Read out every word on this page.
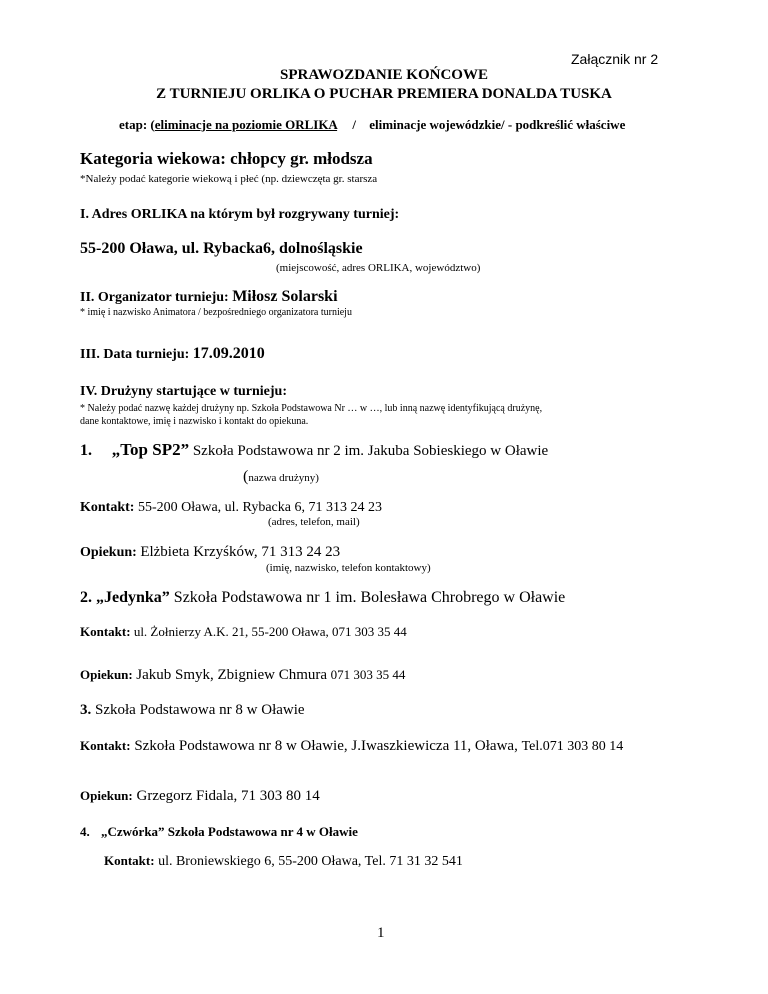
Załącznik nr 2
SPRAWOZDANIE KOŃCOWE
Z TURNIEJU ORLIKA O PUCHAR PREMIERA DONALDA TUSKA
etap: (eliminacje na poziomie ORLIKA / eliminacje wojewódzkie/ - podkreślić właściwe
Kategoria wiekowa: chłopcy gr. młodsza
*Należy podać kategorie wiekową i płeć (np. dziewczęta gr. starsza
I. Adres ORLIKA na którym był rozgrywany turniej:
55-200 Oława, ul. Rybacka6, dolnośląskie
(miejscowość, adres ORLIKA, województwo)
II. Organizator turnieju: Miłosz Solarski
* imię i nazwisko Animatora / bezpośredniego organizatora turnieju
III. Data turnieju: 17.09.2010
IV. Drużyny startujące w turnieju:
* Należy podać nazwę każdej drużyny np. Szkoła Podstawowa Nr … w …, lub inną nazwę identyfikującą drużynę,
dane kontaktowe, imię i nazwisko i kontakt do opiekuna.
1. „Top SP2” Szkoła Podstawowa nr 2 im. Jakuba Sobieskiego w Oławie
(nazwa drużyny)
Kontakt: 55-200 Oława, ul. Rybacka 6, 71 313 24 23
(adres, telefon, mail)
Opiekun: Elżbieta Krzyśków, 71 313 24 23
(imię, nazwisko, telefon kontaktowy)
2. „Jedynka” Szkoła Podstawowa nr 1 im. Bolesława Chrobrego w Oławie
Kontakt: ul. Żołnierzy A.K. 21, 55-200 Oława, 071 303 35 44
Opiekun: Jakub Smyk, Zbigniew Chmura 071 303 35 44
3. Szkoła Podstawowa nr 8 w Oławie
Kontakt: Szkoła Podstawowa nr 8 w Oławie, J.Iwaszkiewicza 11, Oława, Tel.071 303 80 14
Opiekun: Grzegorz Fidala, 71 303 80 14
4. „Czwórka” Szkoła Podstawowa nr 4 w Oławie
Kontakt: ul. Broniewskiego 6, 55-200 Oława, Tel. 71 31 32 541
1
